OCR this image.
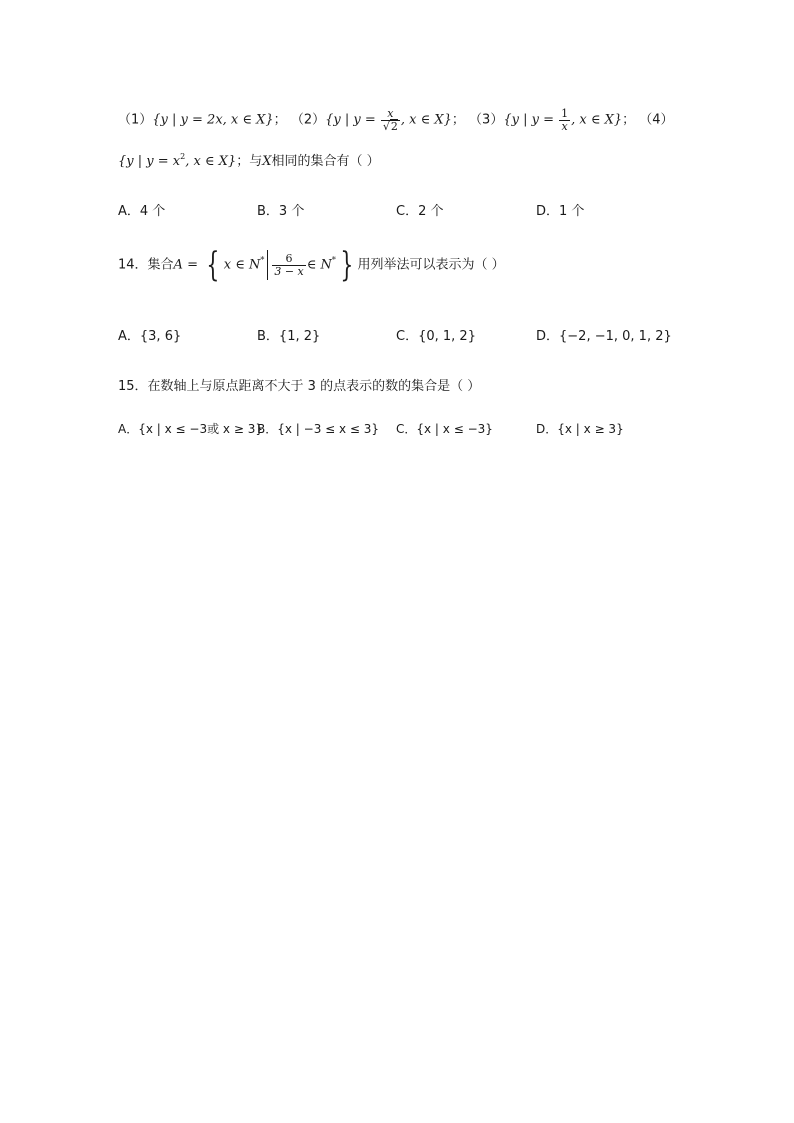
（1）{y | y = 2x, x ∈ X}； （2）{y | $y = \frac{x}{√2}$ , x ∈ X}； （3）{y | $y = \frac{1}{x}$ , x ∈ X}； （4）
{y | $y = x^2$, x ∈ X}；与X相同的集合有（ ）
A．4 个	B．3 个	C．2 个	D．1 个
14．集合A = { x ∈ $N^* \frac{6}{3 - x}$ ∈ N* } 用列举法可以表示为（ ）
A．{3, 6}	B．{1, 2}	C．{0, 1, 2}	D．{−2, −1, 0, 1, 2}
15．在数轴上与原点距离不大于 3 的点表示的数的集合是（ ）
A．{x | x ≤ −3或 x ≥ 3}
B．{x | −3 ≤ x ≤ 3} C．{x | x ≤ −3}	D．{x | x ≥ 3}
